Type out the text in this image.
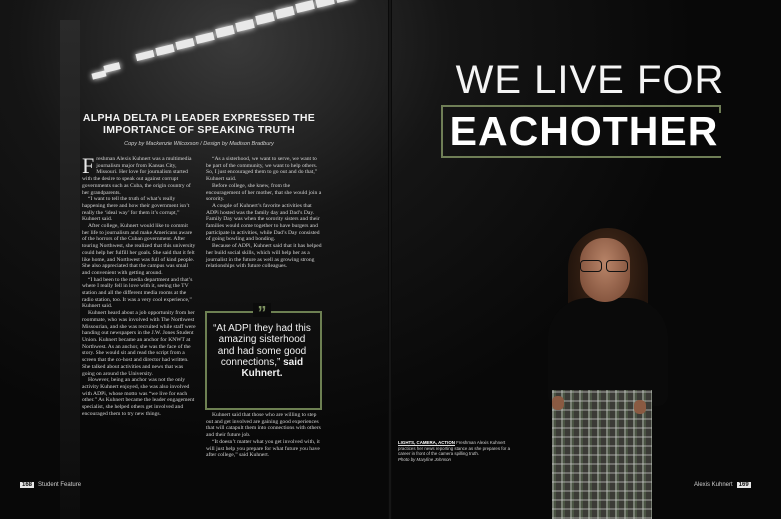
ALPHA DELTA PI LEADER EXPRESSED THE IMPORTANCE OF SPEAKING TRUTH
Copy by Mackenzie Wilcoxson / Design by Madison Bradbury

Freshman Alexis Kuhnert was a multimedia journalism major from Kansas City, Missouri. Her love for journalism started with the desire to speak out against corrupt governments such as Cuba, the origin country of her grandparents.

“I want to tell the truth of what’s really happening there and how their government isn’t really the ‘ideal way’ for them it’s corrupt,” Kuhnert said.

After college, Kuhnert would like to commit her life to journalism and make Americans aware of the horrors of the Cuban government. After touring Northwest, she realized that this university could help her fulfill her goals. She said that it felt like home, and Northwest was full of kind people. She also appreciated that the campus was small and convenient with getting around.

“I had been to the media department and that’s where I really fell in love with it, seeing the TV station and all the different media rooms at the radio station, too. It was a very cool experience,” Kuhnert said.

Kuhnert heard about a job opportunity from her roommate, who was involved with The Northwest Missourian, and she was recruited while staff were handing out newspapers in the J.W. Jones Student Union. Kuhnert became an anchor for KNWT at Northwest. As an anchor, she was the face of the story. She would sit and read the script from a screen that the co-host and director had written. She talked about activities and news that was going on around the University.

However, being an anchor was not the only activity Kuhnert enjoyed, she was also involved with ADPi, whose motto was “we live for each other.” As Kuhnert became the leader engagement specialist, she helped others get involved and encouraged them to try new things.

“As a sisterhood, we want to serve, we want to be part of the community, we want to help others. So, I just encouraged them to go out and do that,” Kuhnert said.

Before college, she knew, from the encouragement of her mother, that she would join a sorority.

A couple of Kuhnert’s favorite activities that ADPi hosted was the family day and Dad’s Day. Family Day was when the sorority sisters and their families would come together to have burgers and participate in activities, while Dad’s Day consisted of going bowling and bonding.

Because of ADPi, Kuhnert said that it has helped her build social skills, which will help her as a journalist in the future as well as growing strong relationships with future colleagues.

”
“At ADPI they had this amazing sisterhood and had some good connections,” said Kuhnert.

Kuhnert said that those who are willing to step out and get involved are gaining good experiences that will catapult them into connections with others and their future job.

“It doesn’t matter what you get involved with, it will just help you prepare for what future you have after college,” said Kuhnert.

168 Student Feature
WE LIVE FOR
EACHOTHER
LIGHTS, CAMERA, ACTION Freshman Alexis Kuhnert practices her news reporting stance as she prepares for a career in front of the camera spilling truth.
Photo by Maryline Johnson
Alexis Kuhnert 169
